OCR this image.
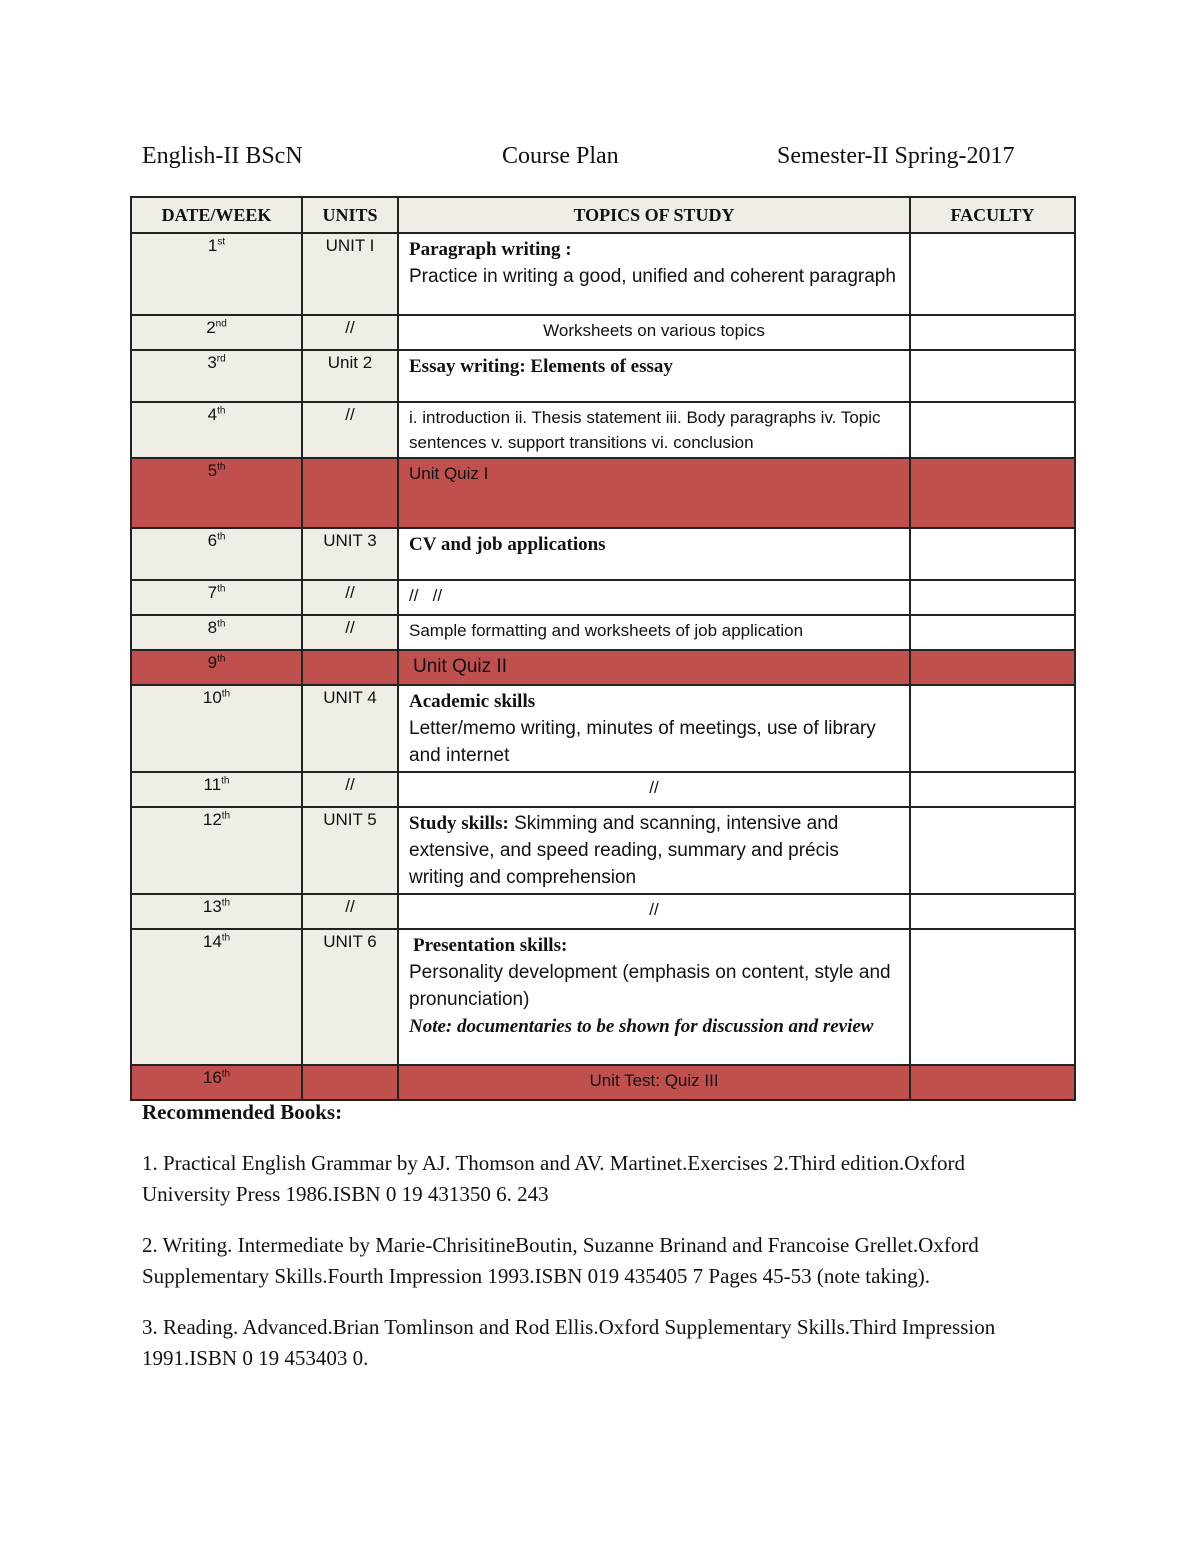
English-II BScN	Course Plan	Semester-II Spring-2017
DATE/WEEK	UNITS	TOPICS OF STUDY	FACULTY
1st	UNIT I	Paragraph writing :
Practice in writing a good, unified and coherent paragraph	

2nd	//	Worksheets on various topics	
3rd	Unit 2	Essay writing: Elements of essay	

4th	//	i. introduction ii. Thesis statement iii. Body paragraphs iv. Topic sentences v. support transitions vi. conclusion	
5th		Unit Quiz I	
6th	UNIT 3	CV and job applications	

7th	//	//   //	
8th	//	Sample formatting and worksheets of job application	
9th		Unit Quiz II	
10th	UNIT 4	Academic skills
Letter/memo writing, minutes of meetings, use of library and internet	

11th	//	//	
12th	UNIT 5	Study skills: Skimming and scanning, intensive and extensive, and speed reading, summary and précis writing and comprehension	
13th	//	//	
14th	UNIT 6	Presentation skills:
Personality development (emphasis on content, style and pronunciation)
Note: documentaries to be shown for discussion and review	

16th		Unit Test: Quiz III	
Recommended Books:

1. Practical English Grammar by AJ. Thomson and AV. Martinet.Exercises 2.Third edition.Oxford University Press 1986.ISBN 0 19 431350 6. 243

2. Writing. Intermediate by Marie-ChrisitineBoutin, Suzanne Brinand and Francoise Grellet.Oxford Supplementary Skills.Fourth Impression 1993.ISBN 019 435405 7 Pages 45-53 (note taking).

3. Reading. Advanced.Brian Tomlinson and Rod Ellis.Oxford Supplementary Skills.Third Impression 1991.ISBN 0 19 453403 0.
